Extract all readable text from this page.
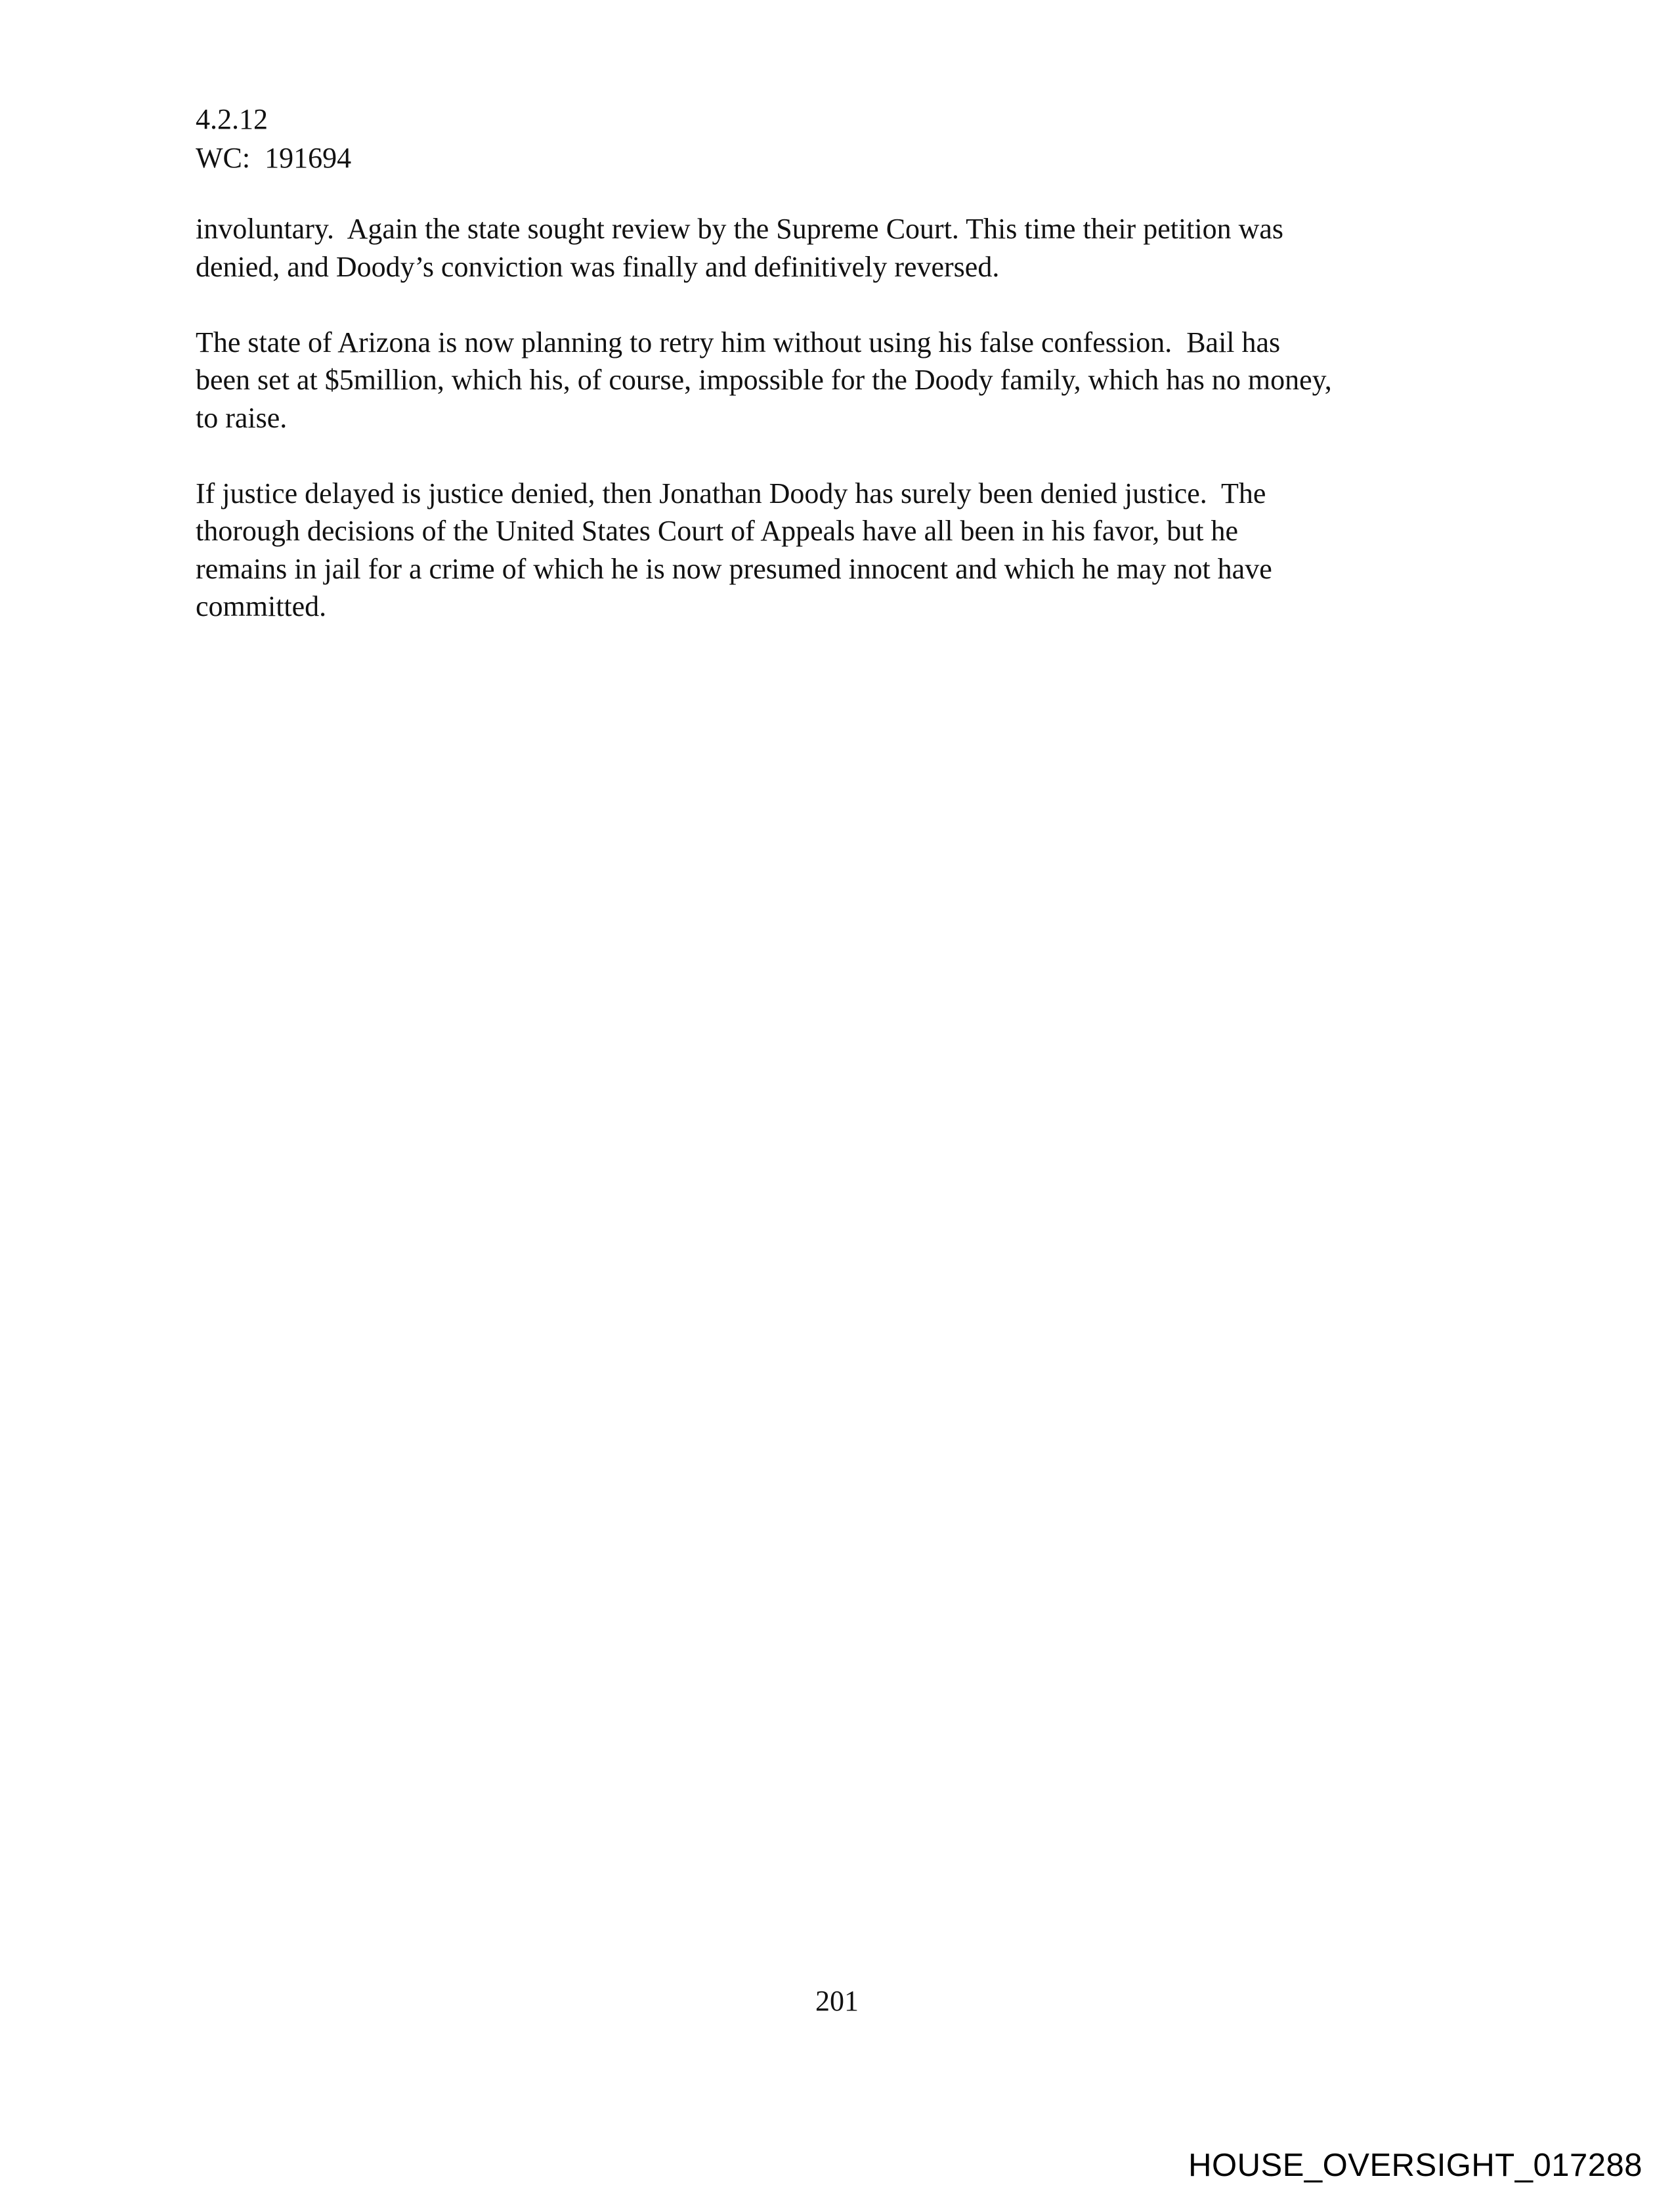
4.2.12
WC:  191694
involuntary.  Again the state sought review by the Supreme Court. This time their petition was
denied, and Doody’s conviction was finally and definitively reversed.
The state of Arizona is now planning to retry him without using his false confession.  Bail has
been set at $5million, which his, of course, impossible for the Doody family, which has no money,
to raise.
If justice delayed is justice denied, then Jonathan Doody has surely been denied justice.  The
thorough decisions of the United States Court of Appeals have all been in his favor, but he
remains in jail for a crime of which he is now presumed innocent and which he may not have
committed.
201
HOUSE_OVERSIGHT_017288
